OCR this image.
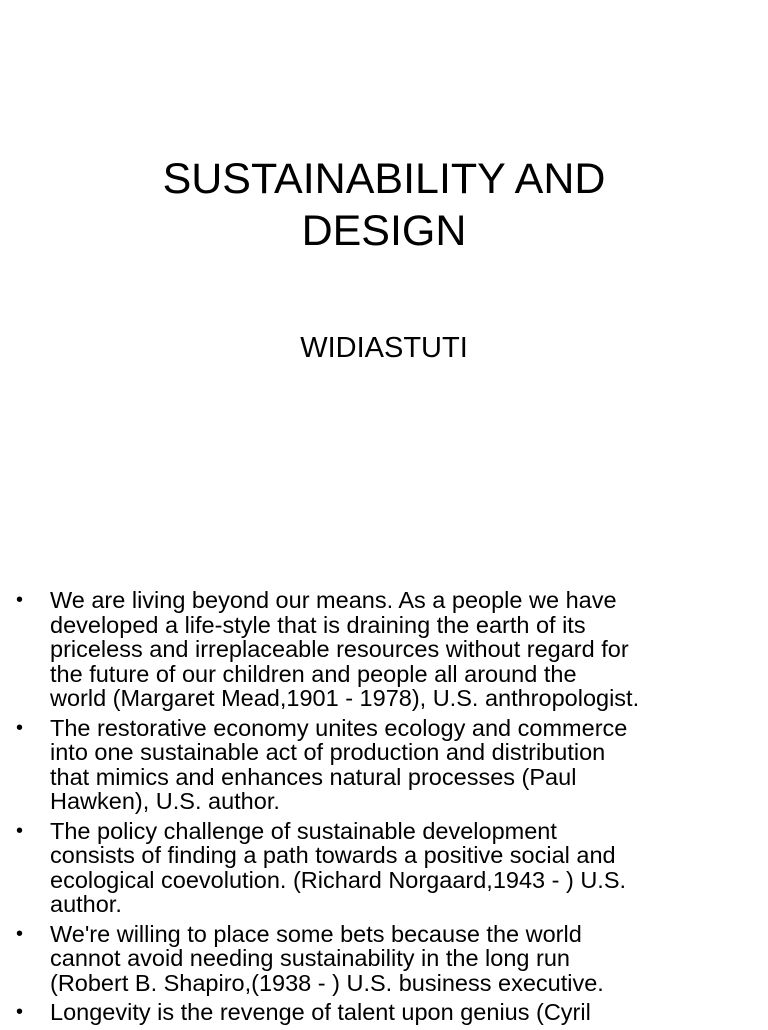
SUSTAINABILITY AND
DESIGN

WIDIASTUTI

• We are living beyond our means. As a people we have
developed a life-style that is draining the earth of its
priceless and irreplaceable resources without regard for
the future of our children and people all around the
world (Margaret Mead,1901 - 1978), U.S. anthropologist.
• The restorative economy unites ecology and commerce
into one sustainable act of production and distribution
that mimics and enhances natural processes (Paul
Hawken), U.S. author.
• The policy challenge of sustainable development
consists of finding a path towards a positive social and
ecological coevolution. (Richard Norgaard,1943 - ) U.S.
author.
• We're willing to place some bets because the world
cannot avoid needing sustainability in the long run
(Robert B. Shapiro,(1938 - ) U.S. business executive.
• Longevity is the revenge of talent upon genius (Cyril
